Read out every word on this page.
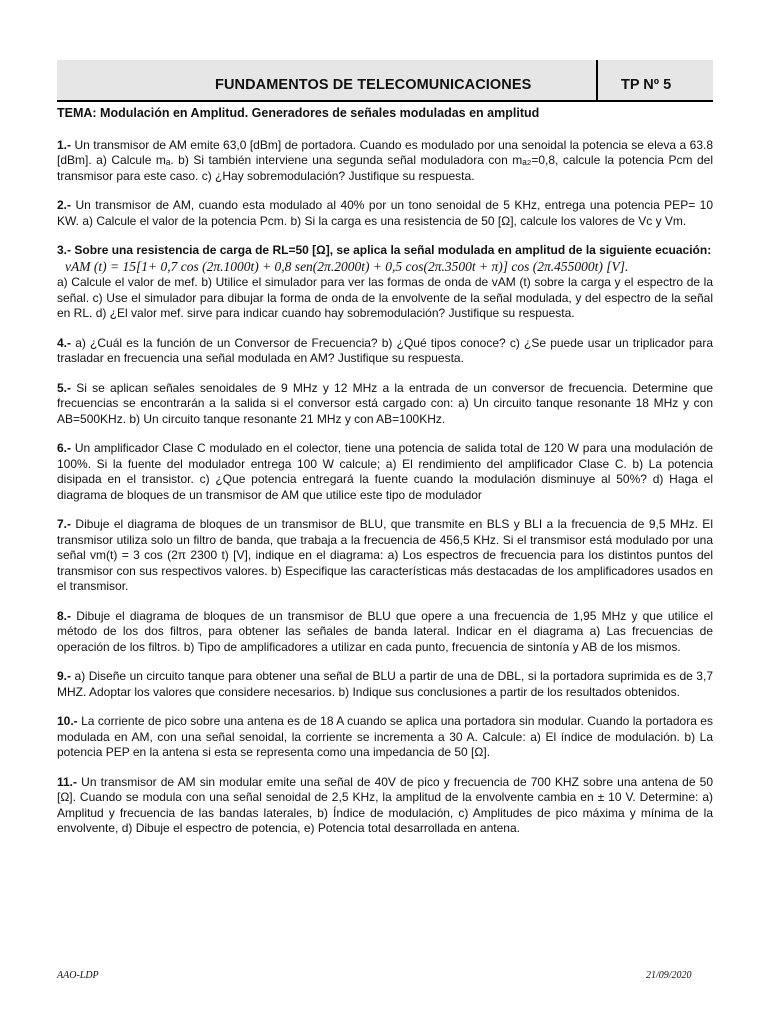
FUNDAMENTOS DE TELECOMUNICACIONES	TP Nº 5

TEMA: Modulación en Amplitud. Generadores de señales moduladas en amplitud

1.- Un transmisor de AM emite 63,0 [dBm] de portadora. Cuando es modulado por una senoidal la potencia se eleva a 63.8 [dBm]. a) Calcule mₐ. b) Si también interviene una segunda señal moduladora con mₐ₂=0,8, calcule la potencia Pcm del transmisor para este caso. c) ¿Hay sobremodulación? Justifique su respuesta.

2.- Un transmisor de AM, cuando esta modulado al 40% por un tono senoidal de 5 KHz, entrega una potencia PEP= 10 KW. a) Calcule el valor de la potencia Pcm. b) Si la carga es una resistencia de 50 [Ω], calcule los valores de Vc y Vm.

3.- Sobre una resistencia de carga de RL=50 [Ω], se aplica la señal modulada en amplitud de la siguiente ecuación:
vAM (t) = 15[1+ 0,7 cos (2π.1000t) + 0,8 sen(2π.2000t) + 0,5 cos(2π.3500t + π)] cos (2π.455000t) [V].
a) Calcule el valor de mef. b) Utilice el simulador para ver las formas de onda de vAM (t) sobre la carga y el espectro de la señal. c) Use el simulador para dibujar la forma de onda de la envolvente de la señal modulada, y del espectro de la señal en RL. d) ¿El valor mef. sirve para indicar cuando hay sobremodulación? Justifique su respuesta.

4.- a) ¿Cuál es la función de un Conversor de Frecuencia? b) ¿Qué tipos conoce? c) ¿Se puede usar un triplicador para trasladar en frecuencia una señal modulada en AM? Justifique su respuesta.

5.- Si se aplican señales senoidales de 9 MHz y 12 MHz a la entrada de un conversor de frecuencia. Determine que frecuencias se encontrarán a la salida si el conversor está cargado con: a) Un circuito tanque resonante 18 MHz y con AB=500KHz. b) Un circuito tanque resonante 21 MHz y con AB=100KHz.

6.- Un amplificador Clase C modulado en el colector, tiene una potencia de salida total de 120 W para una modulación de 100%. Si la fuente del modulador entrega 100 W calcule; a) El rendimiento del amplificador Clase C. b) La potencia disipada en el transistor. c) ¿Que potencia entregará la fuente cuando la modulación disminuye al 50%? d) Haga el diagrama de bloques de un transmisor de AM que utilice este tipo de modulador

7.- Dibuje el diagrama de bloques de un transmisor de BLU, que transmite en BLS y BLI a la frecuencia de 9,5 MHz. El transmisor utiliza solo un filtro de banda, que trabaja a la frecuencia de 456,5 KHz. Si el transmisor está modulado por una señal vm(t) = 3 cos (2π 2300 t) [V], indique en el diagrama: a) Los espectros de frecuencia para los distintos puntos del transmisor con sus respectivos valores. b) Especifique las características más destacadas de los amplificadores usados en el transmisor.

8.- Dibuje el diagrama de bloques de un transmisor de BLU que opere a una frecuencia de 1,95 MHz y que utilice el método de los dos filtros, para obtener las señales de banda lateral. Indicar en el diagrama a) Las frecuencias de operación de los filtros. b) Tipo de amplificadores a utilizar en cada punto, frecuencia de sintonía y AB de los mismos.

9.- a) Diseñe un circuito tanque para obtener una señal de BLU a partir de una de DBL, si la portadora suprimida es de 3,7 MHZ. Adoptar los valores que considere necesarios. b) Indique sus conclusiones a partir de los resultados obtenidos.

10.- La corriente de pico sobre una antena es de 18 A cuando se aplica una portadora sin modular. Cuando la portadora es modulada en AM, con una señal senoidal, la corriente se incrementa a 30 A. Calcule: a) El índice de modulación. b) La potencia PEP en la antena si esta se representa como una impedancia de 50 [Ω].

11.- Un transmisor de AM sin modular emite una señal de 40V de pico y frecuencia de 700 KHZ sobre una antena de 50 [Ω]. Cuando se modula con una señal senoidal de 2,5 KHz, la amplitud de la envolvente cambia en ± 10 V. Determine: a) Amplitud y frecuencia de las bandas laterales, b) Índice de modulación, c) Amplitudes de pico máxima y mínima de la envolvente, d) Dibuje el espectro de potencia, e) Potencia total desarrollada en antena.

AAO-LDP	21/09/2020
